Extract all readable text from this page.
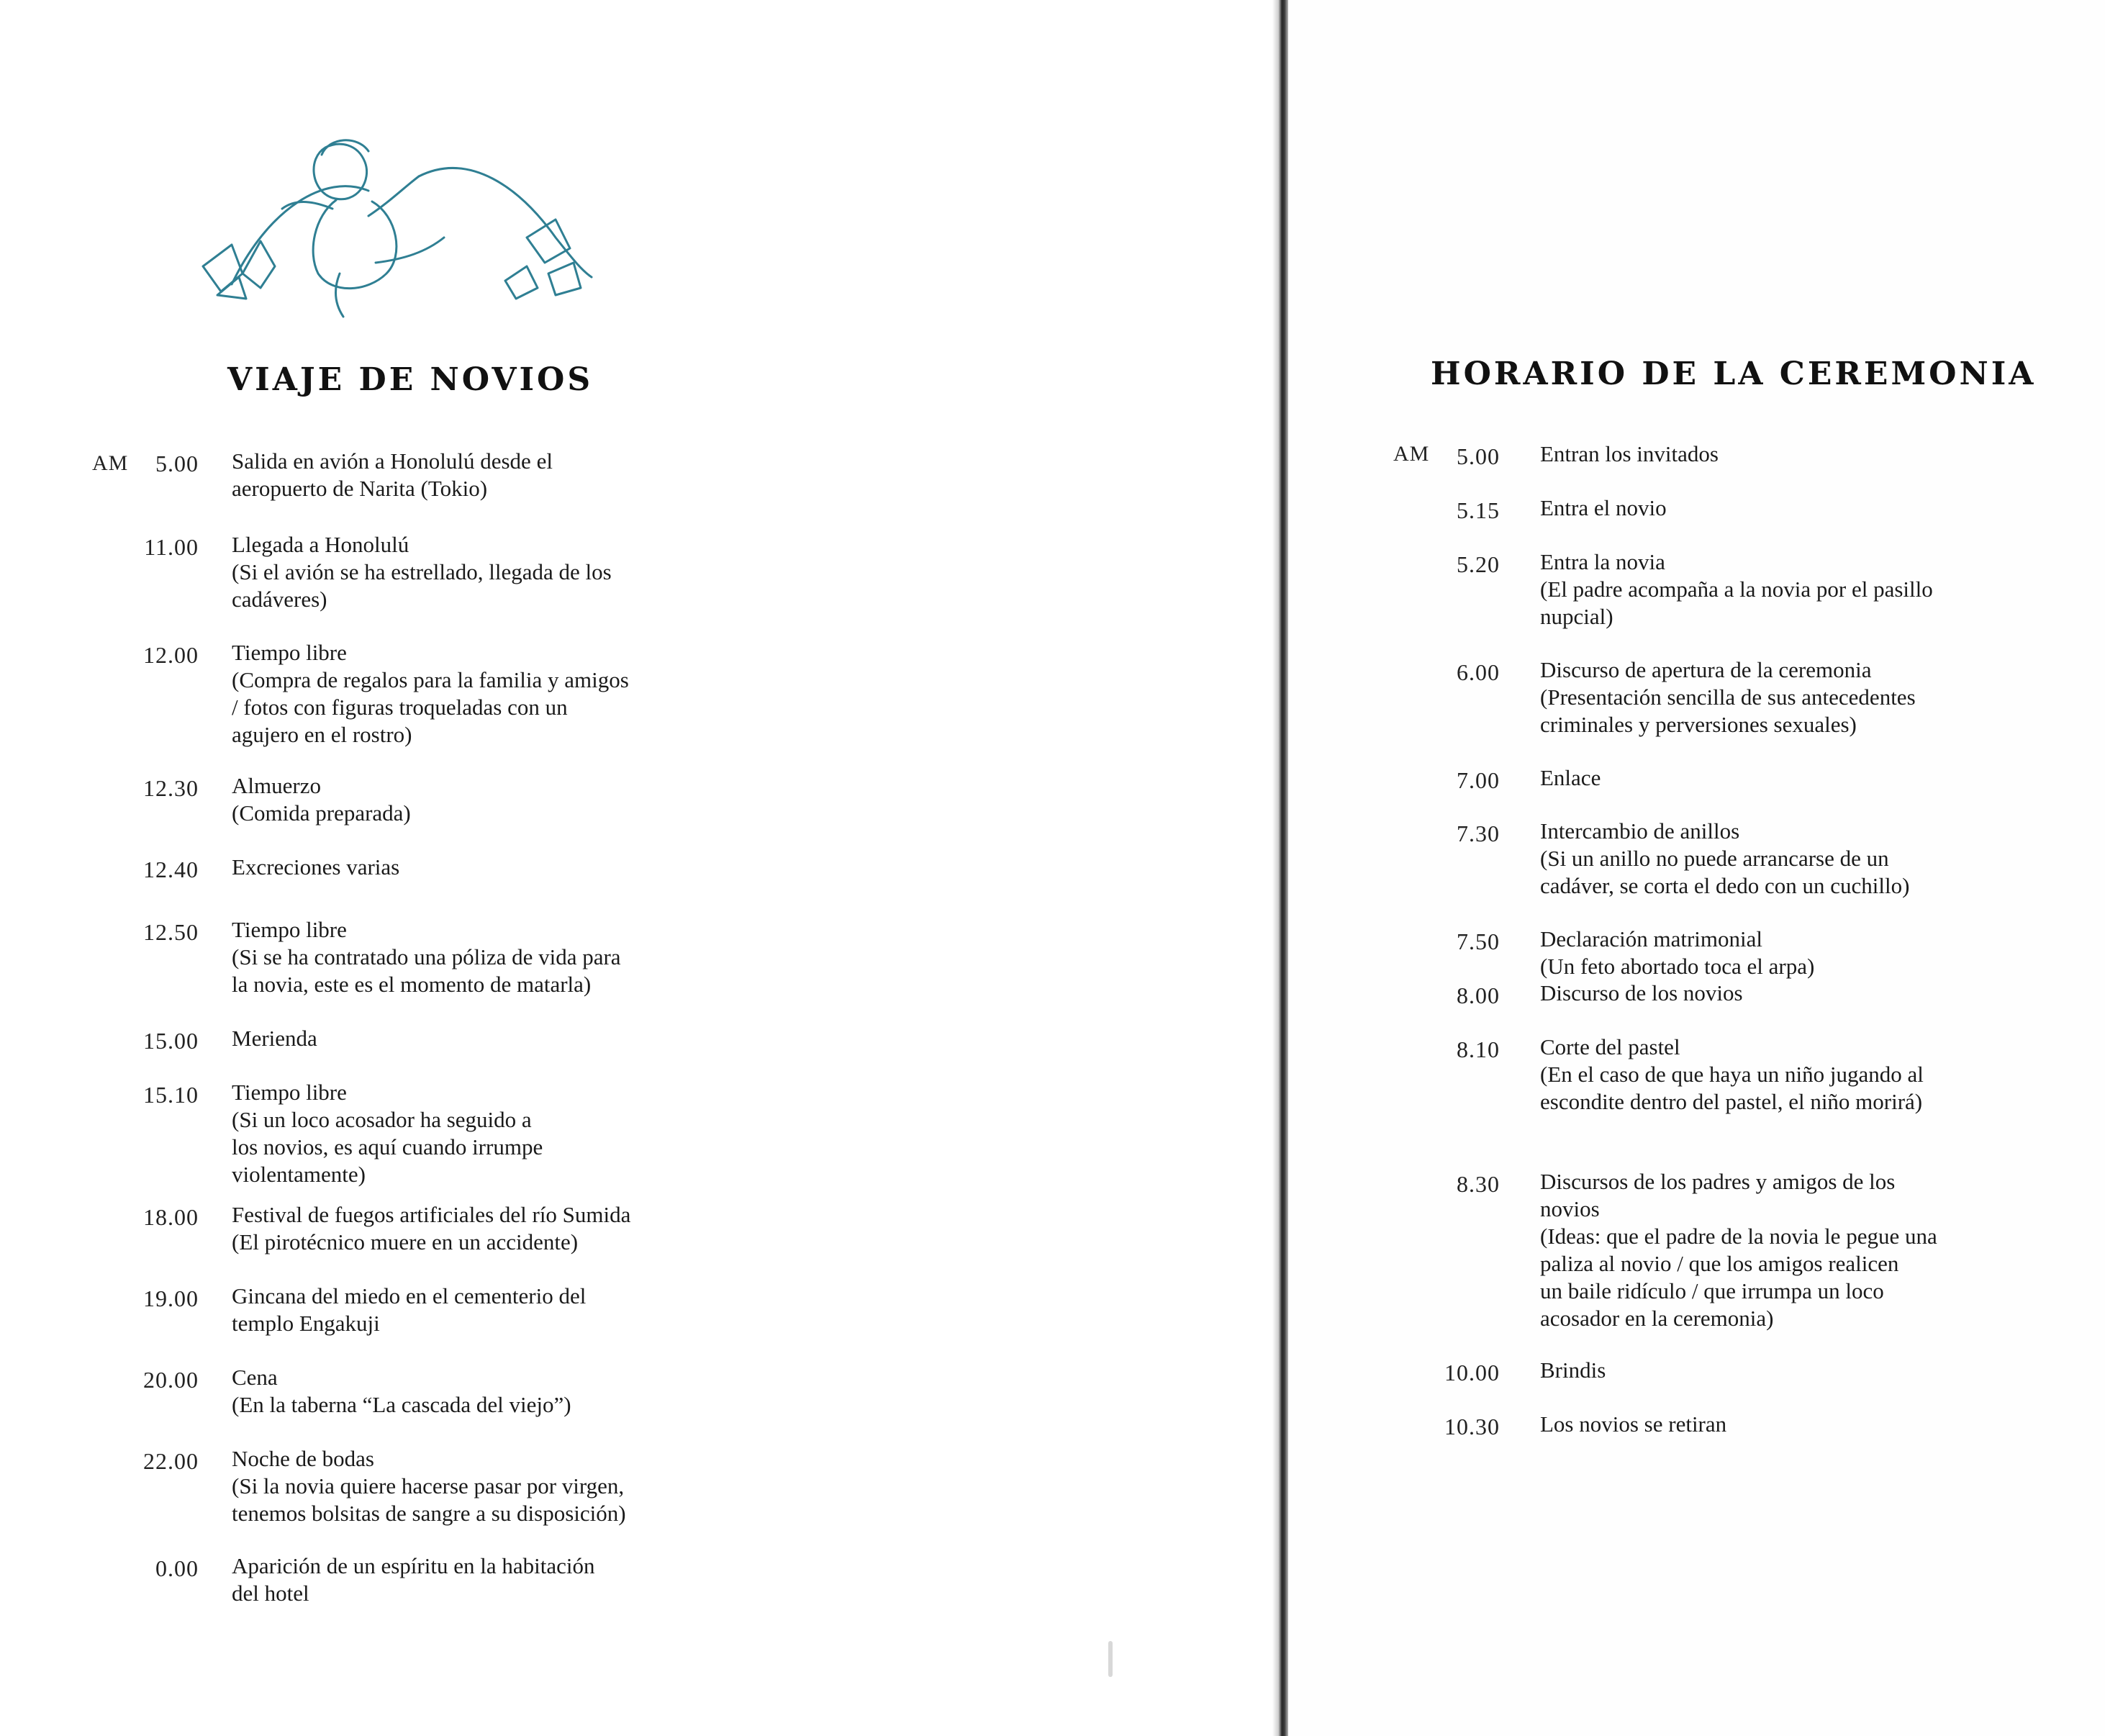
VIAJE DE NOVIOS
AM	5.00 Salida en avión a Honolulú desde el
aeropuerto de Narita (Tokio)
11.00 Llegada a Honolulú
(Si el avión se ha estrellado, llegada de los
cadáveres)
12.00 Tiempo libre
(Compra de regalos para la familia y amigos
/ fotos con figuras troqueladas con un
agujero en el rostro)
12.30 Almuerzo
(Comida preparada)
12.40 Excreciones varias
12.50 Tiempo libre
(Si se ha contratado una póliza de vida para
la novia, este es el momento de matarla)
15.00 Merienda
15.10 Tiempo libre
(Si un loco acosador ha seguido a
los novios, es aquí cuando irrumpe
violentamente)
18.00 Festival de fuegos artificiales del río Sumida
(El pirotécnico muere en un accidente)
19.00 Gincana del miedo en el cementerio del
templo Engakuji
20.00 Cena
(En la taberna “La cascada del viejo”)
22.00 Noche de bodas
(Si la novia quiere hacerse pasar por virgen,
tenemos bolsitas de sangre a su disposición)
0.00 Aparición de un espíritu en la habitación
del hotel
HORARIO DE LA CEREMONIA
AM	5.00 Entran los invitados
5.15 Entra el novio
5.20 Entra la novia
(El padre acompaña a la novia por el pasillo
nupcial)
6.00 Discurso de apertura de la ceremonia
(Presentación sencilla de sus antecedentes
criminales y perversiones sexuales)
7.00 Enlace
7.30 Intercambio de anillos
(Si un anillo no puede arrancarse de un
cadáver, se corta el dedo con un cuchillo)
7.50 Declaración matrimonial
(Un feto abortado toca el arpa)
8.00 Discurso de los novios
8.10 Corte del pastel
(En el caso de que haya un niño jugando al
escondite dentro del pastel, el niño morirá)
8.30 Discursos de los padres y amigos de los
novios
(Ideas: que el padre de la novia le pegue una
paliza al novio / que los amigos realicen
un baile ridículo / que irrumpa un loco
acosador en la ceremonia)
10.00 Brindis
10.30 Los novios se retiran
